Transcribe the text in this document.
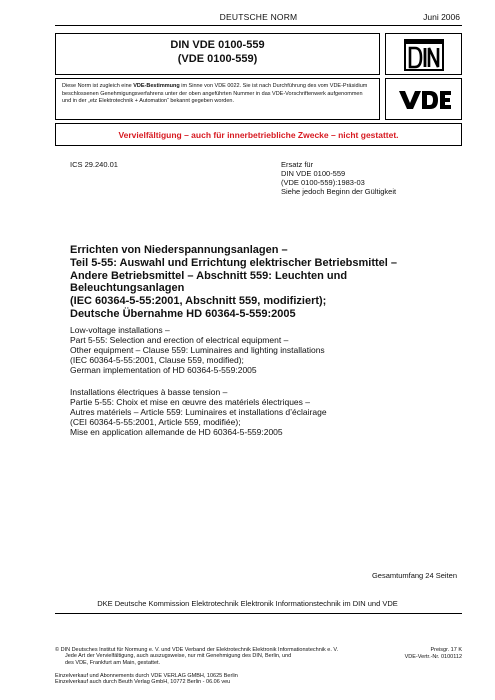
DEUTSCHE NORM	Juni 2006
DIN VDE 0100-559
(VDE 0100-559)

Diese Norm ist zugleich eine VDE-Bestimmung im Sinne von VDE 0022. Sie ist nach Durchführung des vom VDE-Präsidium beschlossenen Genehmigungsverfahrens unter der oben angeführten Nummer in das VDE-Vorschriftenwerk aufgenommen und in der „etz Elektrotechnik + Automation“ bekannt gegeben worden.

Vervielfältigung – auch für innerbetriebliche Zwecke – nicht gestattet.
ICS 29.240.01	Ersatz für
DIN VDE 0100-559
(VDE 0100-559):1983-03
Siehe jedoch Beginn der Gültigkeit
Errichten von Niederspannungsanlagen –
Teil 5-55: Auswahl und Errichtung elektrischer Betriebsmittel –
Andere Betriebsmittel – Abschnitt 559: Leuchten und
Beleuchtungsanlagen
(IEC 60364-5-55:2001, Abschnitt 559, modifiziert);
Deutsche Übernahme HD 60364-5-559:2005
Low-voltage installations –
Part 5-55: Selection and erection of electrical equipment –
Other equipment – Clause 559: Luminaires and lighting installations
(IEC 60364-5-55:2001, Clause 559, modified);
German implementation of HD 60364-5-559:2005
Installations électriques à basse tension –
Partie 5-55: Choix et mise en œuvre des matériels électriques –
Autres matériels – Article 559: Luminaires et installations d’éclairage
(CEI 60364-5-55:2001, Article 559, modifiée);
Mise en application allemande de HD 60364-5-559:2005
Gesamtumfang 24 Seiten
DKE Deutsche Kommission Elektrotechnik Elektronik Informationstechnik im DIN und VDE
© DIN Deutsches Institut für Normung e. V. und VDE Verband der Elektrotechnik Elektronik Informationstechnik e. V.
Jede Art der Vervielfältigung, auch auszugsweise, nur mit Genehmigung des DIN, Berlin, und
des VDE, Frankfurt am Main, gestattet.
Preisgr. 17 K
VDE-Vertr.-Nr. 0100112
Einzelverkauf und Abonnements durch VDE VERLAG GMBH, 10625 Berlin
Einzelverkauf auch durch Beuth Verlag GmbH, 10772 Berlin - 06.06 veu
